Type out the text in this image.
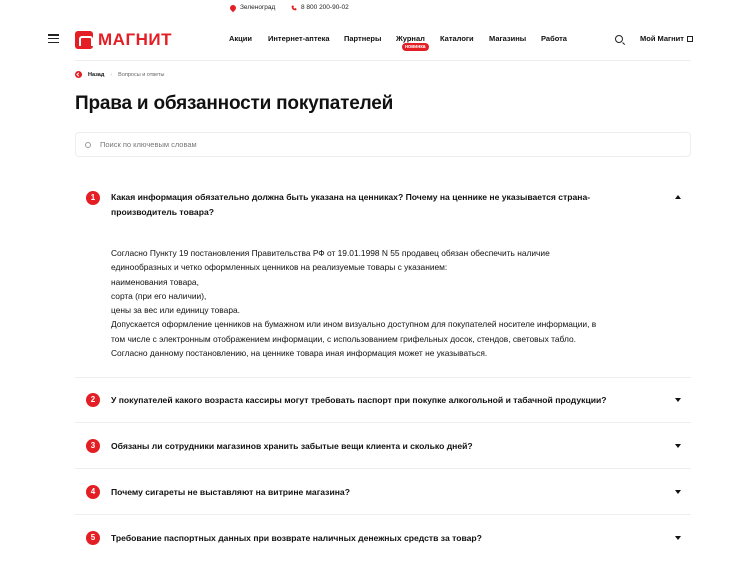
Зеленоград	8 800 200-90-02
МАГНИТ	Акции Интернет-аптека Партнеры Журнал
новинка
Каталоги Магазины Работа	Мой Магнит
Назад › Вопросы и ответы
Права и обязанности покупателей
Поиск по ключевым словам
1	Какая информация обязательно должна быть указана на ценниках? Почему на ценнике не указывается страна-производитель товара?
Согласно Пункту 19 постановления Правительства РФ от 19.01.1998 N 55 продавец обязан обеспечить наличие
единообразных и четко оформленных ценников на реализуемые товары с указанием:
наименования товара,
сорта (при его наличии),
цены за вес или единицу товара.
Допускается оформление ценников на бумажном или ином визуально доступном для покупателей носителе информации, в
том числе с электронным отображением информации, с использованием грифельных досок, стендов, световых табло.
Согласно данному постановлению, на ценнике товара иная информация может не указываться.
2	У покупателей какого возраста кассиры могут требовать паспорт при покупке алкогольной и табачной продукции?
3	Обязаны ли сотрудники магазинов хранить забытые вещи клиента и сколько дней?
4	Почему сигареты не выставляют на витрине магазина?
5	Требование паспортных данных при возврате наличных денежных средств за товар?
